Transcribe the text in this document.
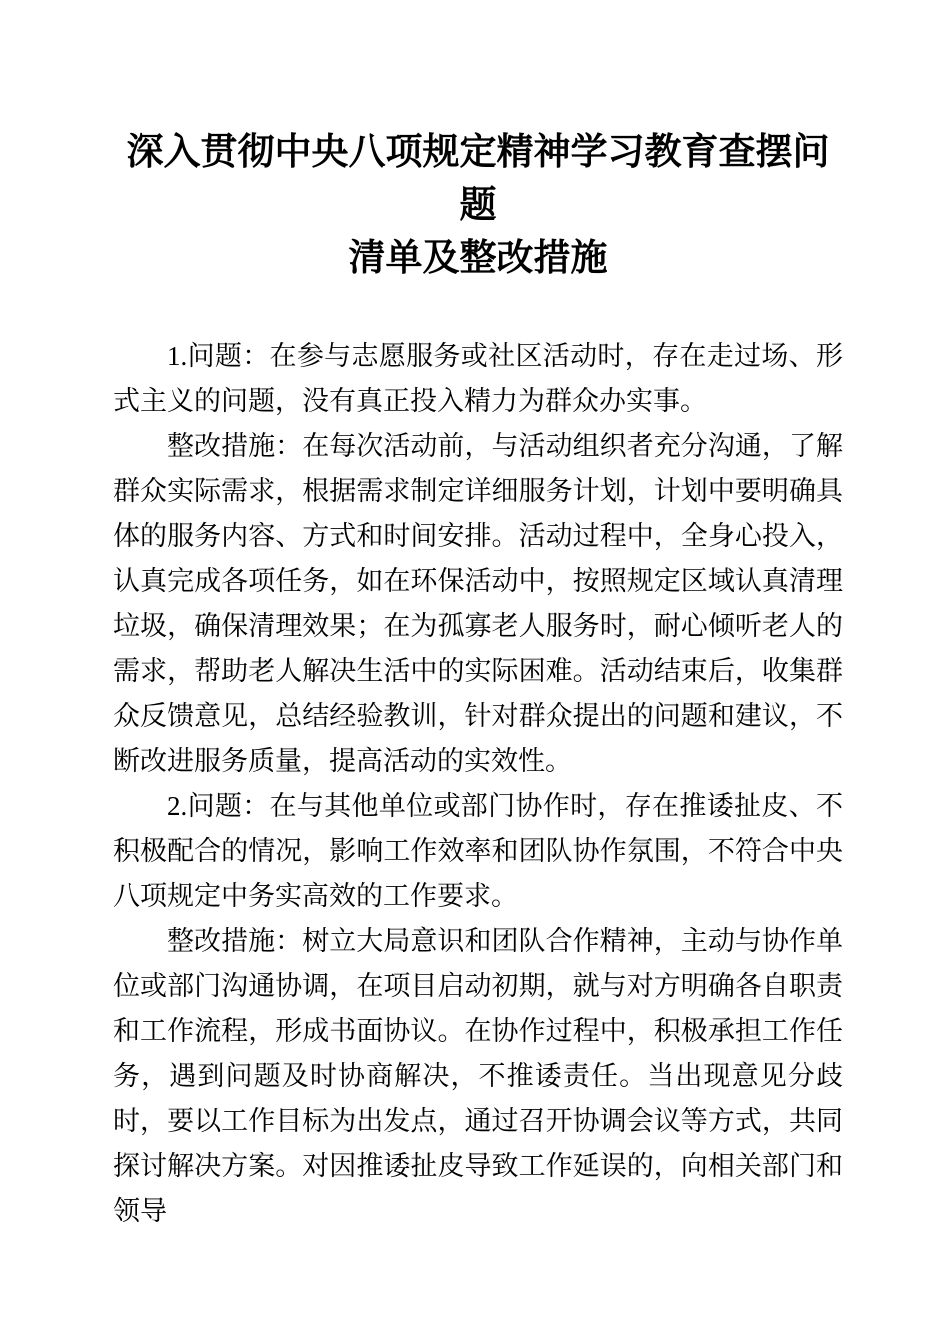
深入贯彻中央八项规定精神学习教育查摆问题
清单及整改措施

1.问题：在参与志愿服务或社区活动时，存在走过场、形式主义的问题，没有真正投入精力为群众办实事。

整改措施：在每次活动前，与活动组织者充分沟通，了解群众实际需求，根据需求制定详细服务计划，计划中要明确具体的服务内容、方式和时间安排。活动过程中，全身心投入，认真完成各项任务，如在环保活动中，按照规定区域认真清理垃圾，确保清理效果；在为孤寡老人服务时，耐心倾听老人的需求，帮助老人解决生活中的实际困难。活动结束后，收集群众反馈意见，总结经验教训，针对群众提出的问题和建议，不断改进服务质量，提高活动的实效性。

2.问题：在与其他单位或部门协作时，存在推诿扯皮、不积极配合的情况，影响工作效率和团队协作氛围，不符合中央八项规定中务实高效的工作要求。

整改措施：树立大局意识和团队合作精神，主动与协作单位或部门沟通协调，在项目启动初期，就与对方明确各自职责和工作流程，形成书面协议。在协作过程中，积极承担工作任务，遇到问题及时协商解决，不推诿责任。当出现意见分歧时，要以工作目标为出发点，通过召开协调会议等方式，共同探讨解决方案。对因推诿扯皮导致工作延误的，向相关部门和领导
